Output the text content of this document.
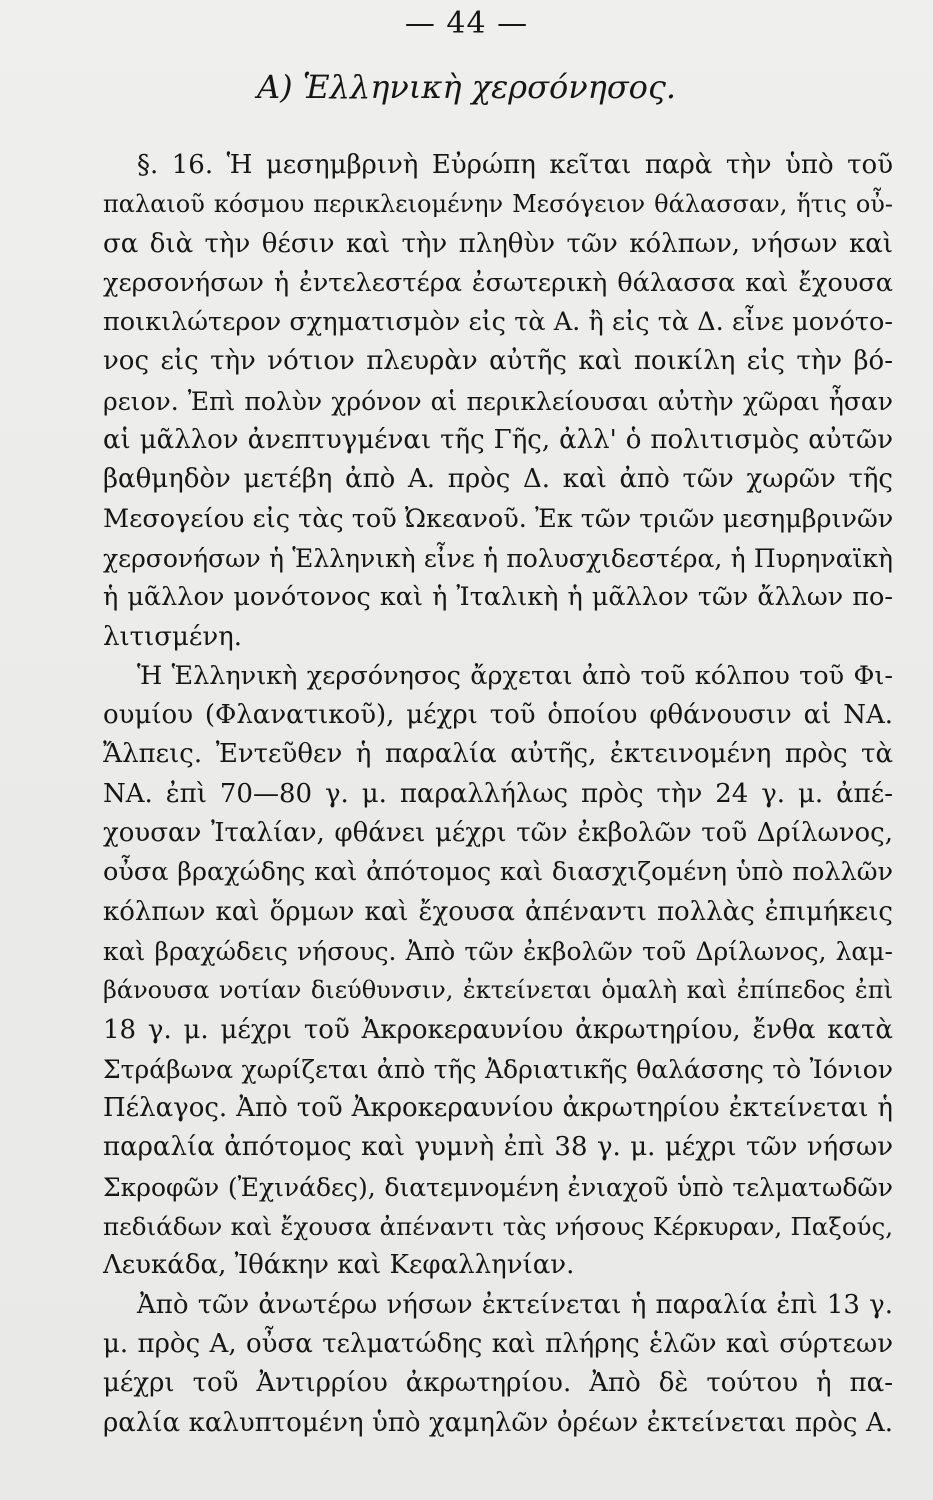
— 44 —
Α) Ἑλληνικὴ χερσόνησος.
§. 16. Ἡ μεσημβρινὴ Εὐρώπη κεῖται παρὰ τὴν ὑπὸ τοῦ
παλαιοῦ κόσμου περικλειομένην Μεσόγειον θάλασσαν, ἥτις οὖ-
σα διὰ τὴν θέσιν καὶ τὴν πληθὺν τῶν κόλπων, νήσων καὶ
χερσονήσων ἡ ἐντελεστέρα ἐσωτερικὴ θάλασσα καὶ ἔχουσα
ποικιλώτερον σχηματισμὸν εἰς τὰ Α. ἢ εἰς τὰ Δ. εἶνε μονότο-
νος εἰς τὴν νότιον πλευρὰν αὐτῆς καὶ ποικίλη εἰς τὴν βό-
ρειον. Ἐπὶ πολὺν χρόνον αἱ περικλείουσαι αὐτὴν χῶραι ἦσαν
αἱ μᾶλλον ἀνεπτυγμέναι τῆς Γῆς, ἀλλ' ὁ πολιτισμὸς αὐτῶν
βαθμηδὸν μετέβη ἀπὸ Α. πρὸς Δ. καὶ ἀπὸ τῶν χωρῶν τῆς
Μεσογείου εἰς τὰς τοῦ Ὠκεανοῦ. Ἐκ τῶν τριῶν μεσημβρινῶν
χερσονήσων ἡ Ἑλληνικὴ εἶνε ἡ πολυσχιδεστέρα, ἡ Πυρηναϊκὴ
ἡ μᾶλλον μονότονος καὶ ἡ Ἰταλικὴ ἡ μᾶλλον τῶν ἄλλων πο-
λιτισμένη.
Ἡ Ἑλληνικὴ χερσόνησος ἄρχεται ἀπὸ τοῦ κόλπου τοῦ Φι-
ουμίου (Φλανατικοῦ), μέχρι τοῦ ὁποίου φθάνουσιν αἱ ΝΑ.
Ἄλπεις. Ἐντεῦθεν ἡ παραλία αὐτῆς, ἐκτεινομένη πρὸς τὰ
ΝΑ. ἐπὶ 70—80 γ. μ. παραλλήλως πρὸς τὴν 24 γ. μ. ἀπέ-
χουσαν Ἰταλίαν, φθάνει μέχρι τῶν ἐκβολῶν τοῦ Δρίλωνος,
οὖσα βραχώδης καὶ ἀπότομος καὶ διασχιζομένη ὑπὸ πολλῶν
κόλπων καὶ ὅρμων καὶ ἔχουσα ἀπέναντι πολλὰς ἐπιμήκεις
καὶ βραχώδεις νήσους. Ἀπὸ τῶν ἐκβολῶν τοῦ Δρίλωνος, λαμ-
βάνουσα νοτίαν διεύθυνσιν, ἐκτείνεται ὁμαλὴ καὶ ἐπίπεδος ἐπὶ
18 γ. μ. μέχρι τοῦ Ἀκροκεραυνίου ἀκρωτηρίου, ἔνθα κατὰ
Στράβωνα χωρίζεται ἀπὸ τῆς Ἀδριατικῆς θαλάσσης τὸ Ἰόνιον
Πέλαγος. Ἀπὸ τοῦ Ἀκροκεραυνίου ἀκρωτηρίου ἐκτείνεται ἡ
παραλία ἀπότομος καὶ γυμνὴ ἐπὶ 38 γ. μ. μέχρι τῶν νήσων
Σκροφῶν (Ἐχινάδες), διατεμνομένη ἐνιαχοῦ ὑπὸ τελματωδῶν
πεδιάδων καὶ ἔχουσα ἀπέναντι τὰς νήσους Κέρκυραν, Παξούς,
Λευκάδα, Ἰθάκην καὶ Κεφαλληνίαν.
Ἀπὸ τῶν ἀνωτέρω νήσων ἐκτείνεται ἡ παραλία ἐπὶ 13 γ.
μ. πρὸς Α, οὖσα τελματώδης καὶ πλήρης ἑλῶν καὶ σύρτεων
μέχρι τοῦ Ἀντιρρίου ἀκρωτηρίου. Ἀπὸ δὲ τούτου ἡ πα-
ραλία καλυπτομένη ὑπὸ χαμηλῶν ὀρέων ἐκτείνεται πρὸς Α.
